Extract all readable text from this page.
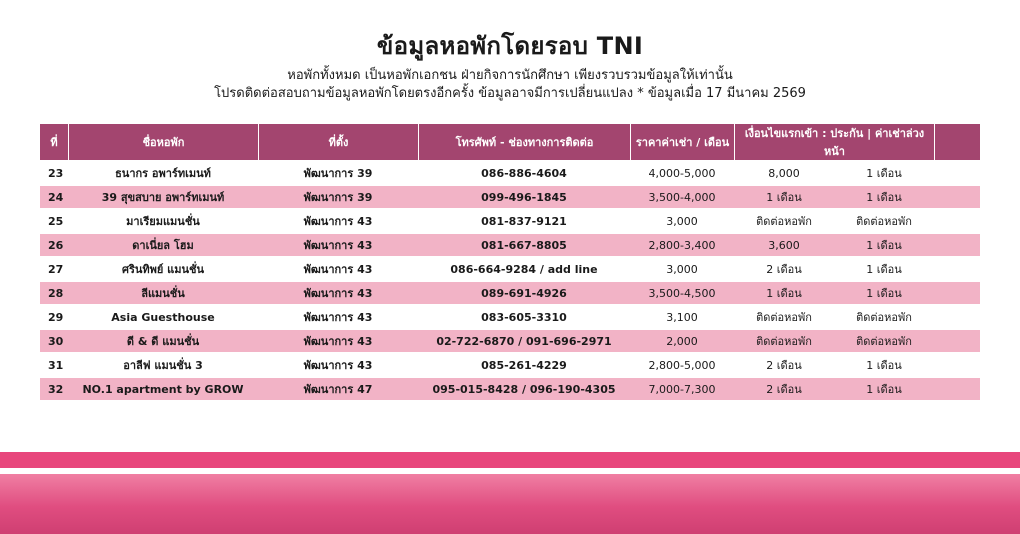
ข้อมูลหอพักโดยรอบ TNI
หอพักทั้งหมด เป็นหอพักเอกชน ฝ่ายกิจการนักศึกษา เพียงรวบรวมข้อมูลให้เท่านั้น
โปรดติดต่อสอบถามข้อมูลหอพักโดยตรงอีกครั้ง ข้อมูลอาจมีการเปลี่ยนแปลง * ข้อมูลเมื่อ 17 มีนาคม 2569
ที่	ชื่อหอพัก	ที่ตั้ง	โทรศัพท์ - ช่องทางการติดต่อ	ราคาค่าเช่า / เดือน	เงื่อนไขแรกเข้า : ประกัน | ค่าเช่าล่วงหน้า		
23	ธนากร อพาร์ทเมนท์	พัฒนาการ 39	086-886-4604	4,000-5,000	8,000	1 เดือน	
24	39 สุขสบาย อพาร์ทเมนท์	พัฒนาการ 39	099-496-1845	3,500-4,000	1 เดือน	1 เดือน	
25	มาเรียมแมนชั่น	พัฒนาการ 43	081-837-9121	3,000	ติดต่อหอพัก	ติดต่อหอพัก	
26	ดาเนี่ยล โฮม	พัฒนาการ 43	081-667-8805	2,800-3,400	3,600	1 เดือน	
27	ศรินทิพย์ แมนชั่น	พัฒนาการ 43	086-664-9284 / add line	3,000	2 เดือน	1 เดือน	
28	ลีแมนชั่น	พัฒนาการ 43	089-691-4926	3,500-4,500	1 เดือน	1 เดือน	
29	Asia Guesthouse	พัฒนาการ 43	083-605-3310	3,100	ติดต่อหอพัก	ติดต่อหอพัก	
30	ดี & ดี แมนชั่น	พัฒนาการ 43	02-722-6870 / 091-696-2971	2,000	ติดต่อหอพัก	ติดต่อหอพัก	
31	อาลีฟ แมนชั่น 3	พัฒนาการ 43	085-261-4229	2,800-5,000	2 เดือน	1 เดือน	
32	NO.1 apartment by GROW	พัฒนาการ 47	095-015-8428 / 096-190-4305	7,000-7,300	2 เดือน	1 เดือน	
